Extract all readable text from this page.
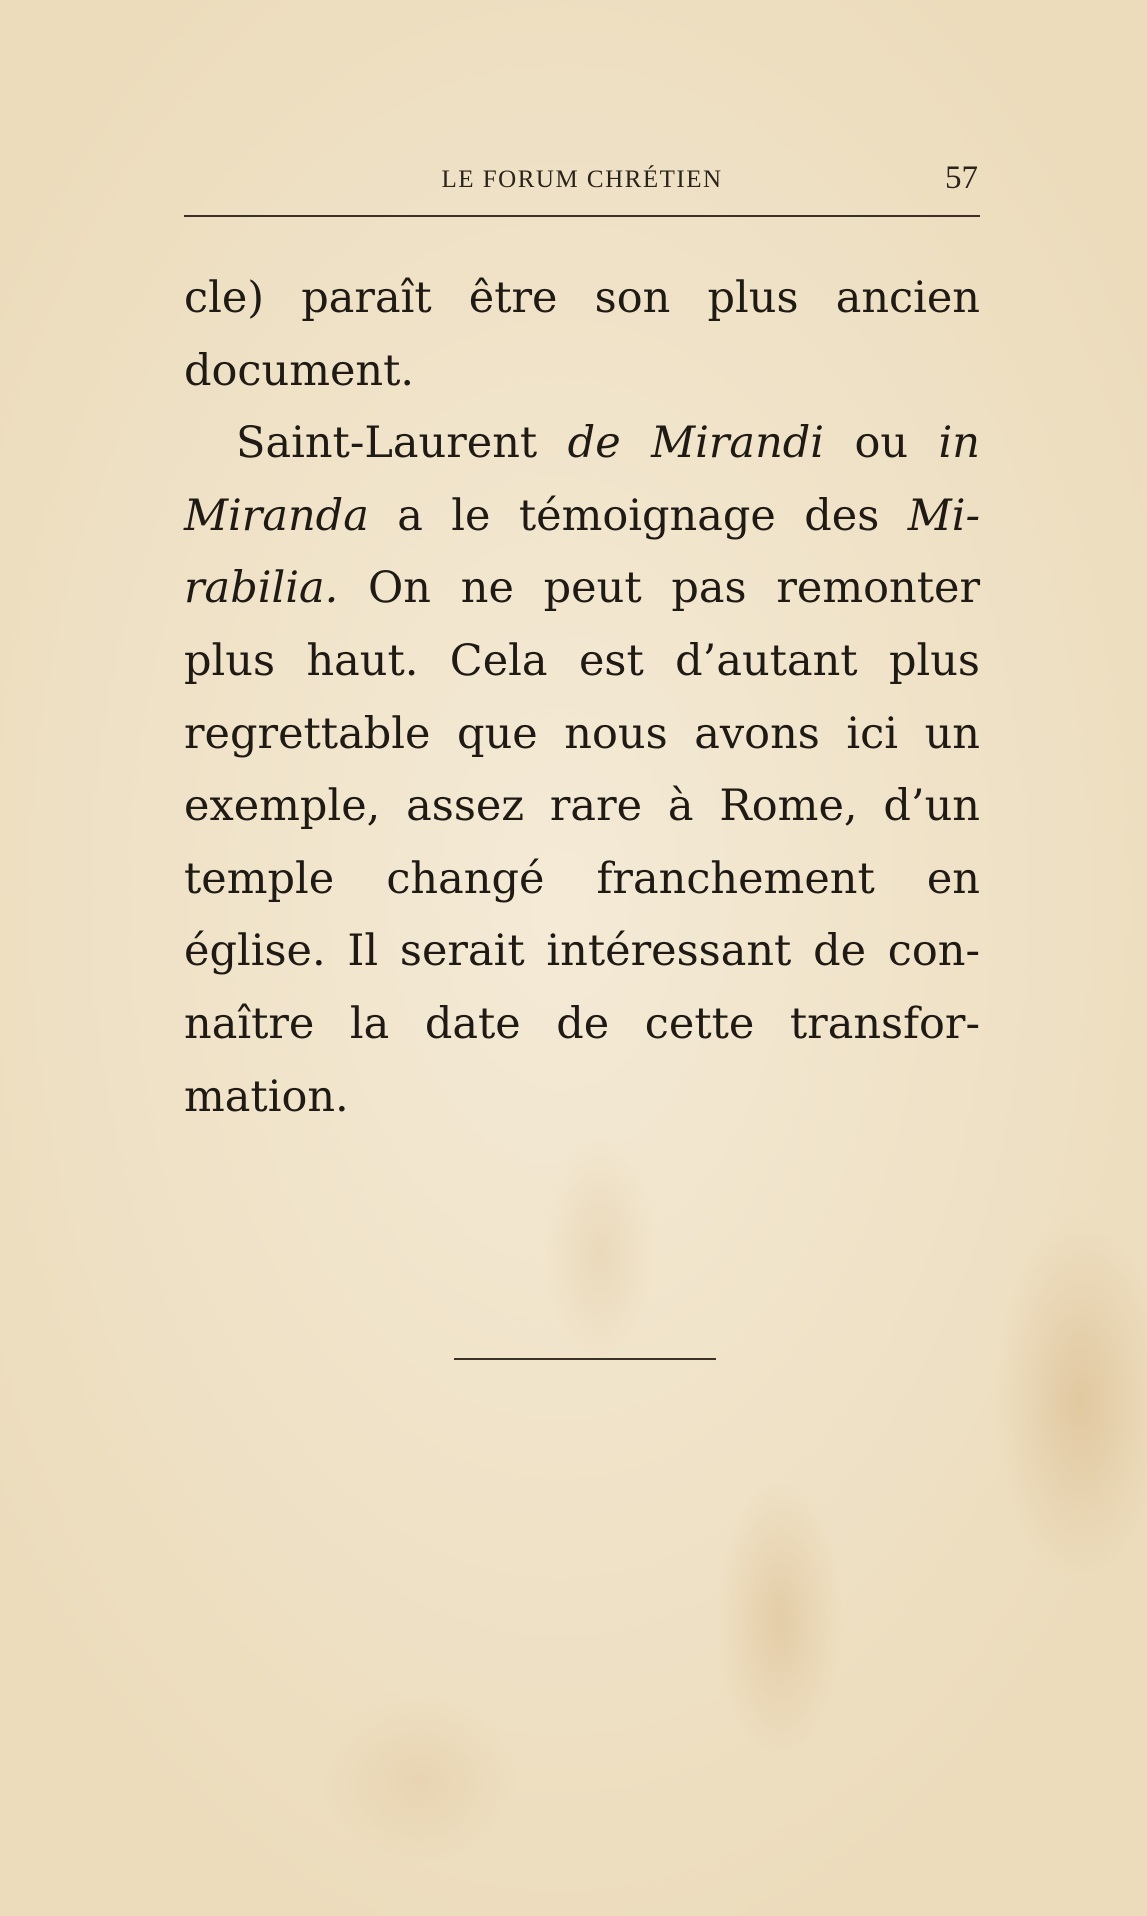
LE FORUM CHRÉTIEN	57
cle) paraît être son plus ancien
document.
Saint-Laurent de Mirandi ou in
Miranda a le témoignage des Mi-
rabilia. On ne peut pas remonter
plus haut. Cela est d’autant plus
regrettable que nous avons ici un
exemple, assez rare à Rome, d’un
temple changé franchement en
église. Il serait intéressant de con-
naître la date de cette transfor-
mation.
